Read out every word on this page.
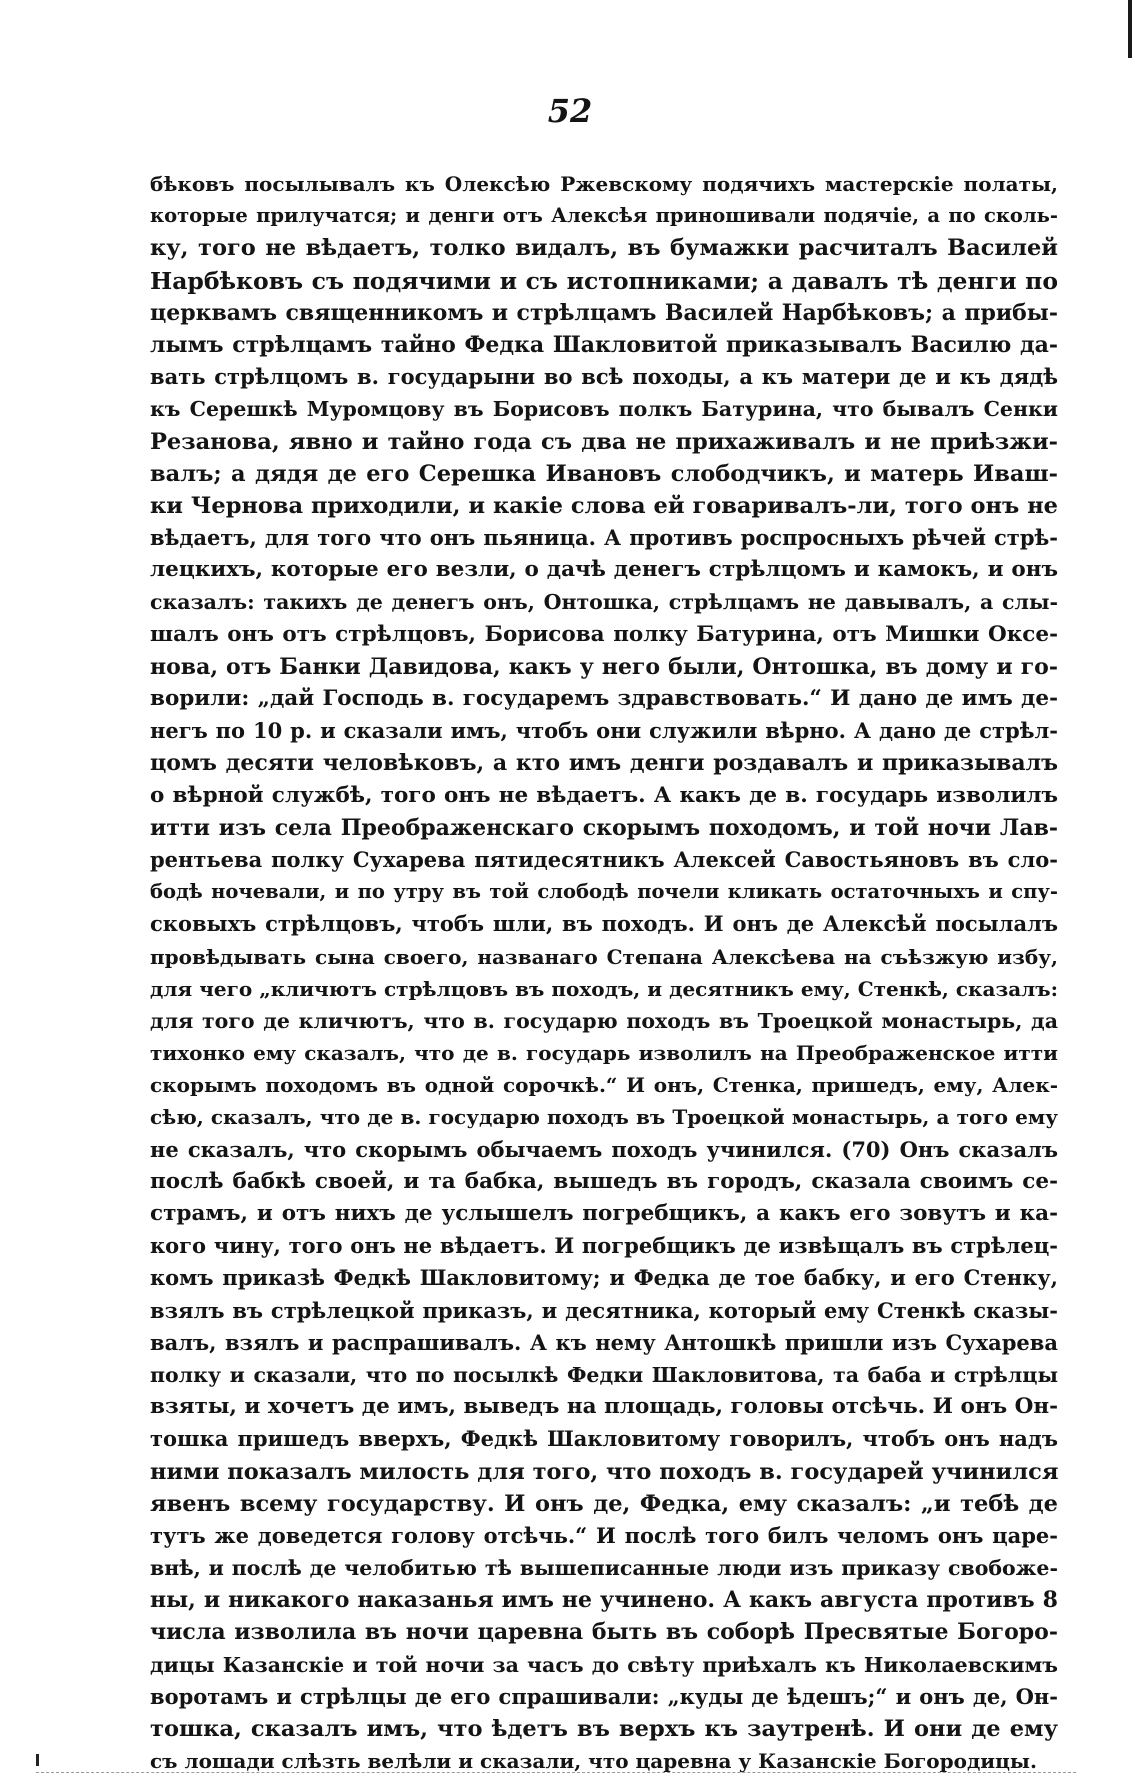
52
бѣковъ посылывалъ къ Олексѣю Ржевскому подячихъ мастерскіе полаты,
которые прилучатся; и денги отъ Алексѣя приношивали подячіе, а по сколь-
ку, того не вѣдаетъ, толко видалъ, въ бумажки расчиталъ Василей
Нарбѣковъ съ подячими и съ истопниками; а давалъ тѣ денги по
церквамъ священникомъ и стрѣлцамъ Василей Нарбѣковъ; а прибы-
лымъ стрѣлцамъ тайно Федка Шакловитой приказывалъ Василю да-
вать стрѣлцомъ в. государыни во всѣ походы, а къ матери де и къ дядѣ
къ Серешкѣ Муромцову въ Борисовъ полкъ Батурина, что бывалъ Сенки
Резанова, явно и тайно года съ два не прихаживалъ и не приѣзжи-
валъ; а дядя де его Серешка Ивановъ слободчикъ, и матерь Иваш-
ки Чернова приходили, и какіе слова ей говаривалъ-ли, того онъ не
вѣдаетъ, для того что онъ пьяница. А противъ роспросныхъ рѣчей стрѣ-
лецкихъ, которые его везли, о дачѣ денегъ стрѣлцомъ и камокъ, и онъ
сказалъ: такихъ де денегъ онъ, Онтошка, стрѣлцамъ не давывалъ, а слы-
шалъ онъ отъ стрѣлцовъ, Борисова полку Батурина, отъ Мишки Оксе-
нова, отъ Банки Давидова, какъ у него были, Онтошка, въ дому и го-
ворили: „дай Господь в. государемъ здравствовать.“ И дано де имъ де-
негъ по 10 р. и сказали имъ, чтобъ они служили вѣрно. А дано де стрѣл-
цомъ десяти человѣковъ, а кто имъ денги роздавалъ и приказывалъ
о вѣрной службѣ, того онъ не вѣдаетъ. А какъ де в. государь изволилъ
итти изъ села Преображенскаго скорымъ походомъ, и той ночи Лав-
рентьева полку Сухарева пятидесятникъ Алексей Савостьяновъ въ сло-
бодѣ ночевали, и по утру въ той слободѣ почели кликать остаточныхъ и спу-
сковыхъ стрѣлцовъ, чтобъ шли, въ походъ. И онъ де Алексѣй посылалъ
провѣдывать сына своего, названаго Степана Алексѣева на съѣзжую избу,
для чего „кличютъ стрѣлцовъ въ походъ, и десятникъ ему, Стенкѣ, сказалъ:
для того де кличютъ, что в. государю походъ въ Троецкой монастырь, да
тихонко ему сказалъ, что де в. государь изволилъ на Преображенское итти
скорымъ походомъ въ одной сорочкѣ.“ И онъ, Стенка, пришедъ, ему, Алек-
сѣю, сказалъ, что де в. государю походъ въ Троецкой монастырь, а того ему
не сказалъ, что скорымъ обычаемъ походъ учинился. (70) Онъ сказалъ
послѣ бабкѣ своей, и та бабка, вышедъ въ городъ, сказала своимъ се-
страмъ, и отъ нихъ де услышелъ погребщикъ, а какъ его зовутъ и ка-
кого чину, того онъ не вѣдаетъ. И погребщикъ де извѣщалъ въ стрѣлец-
комъ приказѣ Федкѣ Шакловитому; и Федка де тое бабку, и его Стенку,
взялъ въ стрѣлецкой приказъ, и десятника, который ему Стенкѣ сказы-
валъ, взялъ и распрашивалъ. А къ нему Антошкѣ пришли изъ Сухарева
полку и сказали, что по посылкѣ Федки Шакловитова, та баба и стрѣлцы
взяты, и хочетъ де имъ, выведъ на площадь, головы отсѣчь. И онъ Он-
тошка пришедъ вверхъ, Федкѣ Шакловитому говорилъ, чтобъ онъ надъ
ними показалъ милость для того, что походъ в. государей учинился
явенъ всему государству. И онъ де, Федка, ему сказалъ: „и тебѣ де
тутъ же доведется голову отсѣчь.“ И послѣ того билъ челомъ онъ царе-
внѣ, и послѣ де челобитью тѣ вышеписанные люди изъ приказу свобоже-
ны, и никакого наказанья имъ не учинено. А какъ августа противъ 8
числа изволила въ ночи царевна быть въ соборѣ Пресвятые Богоро-
дицы Казанскіе и той ночи за часъ до свѣту приѣхалъ къ Николаевскимъ
воротамъ и стрѣлцы де его спрашивали: „куды де ѣдешъ;“ и онъ де, Он-
тошка, сказалъ имъ, что ѣдетъ въ верхъ къ заутренѣ. И они де ему
съ лошади слѣзть велѣли и сказали, что царевна у Казанскіе Богородицы.
